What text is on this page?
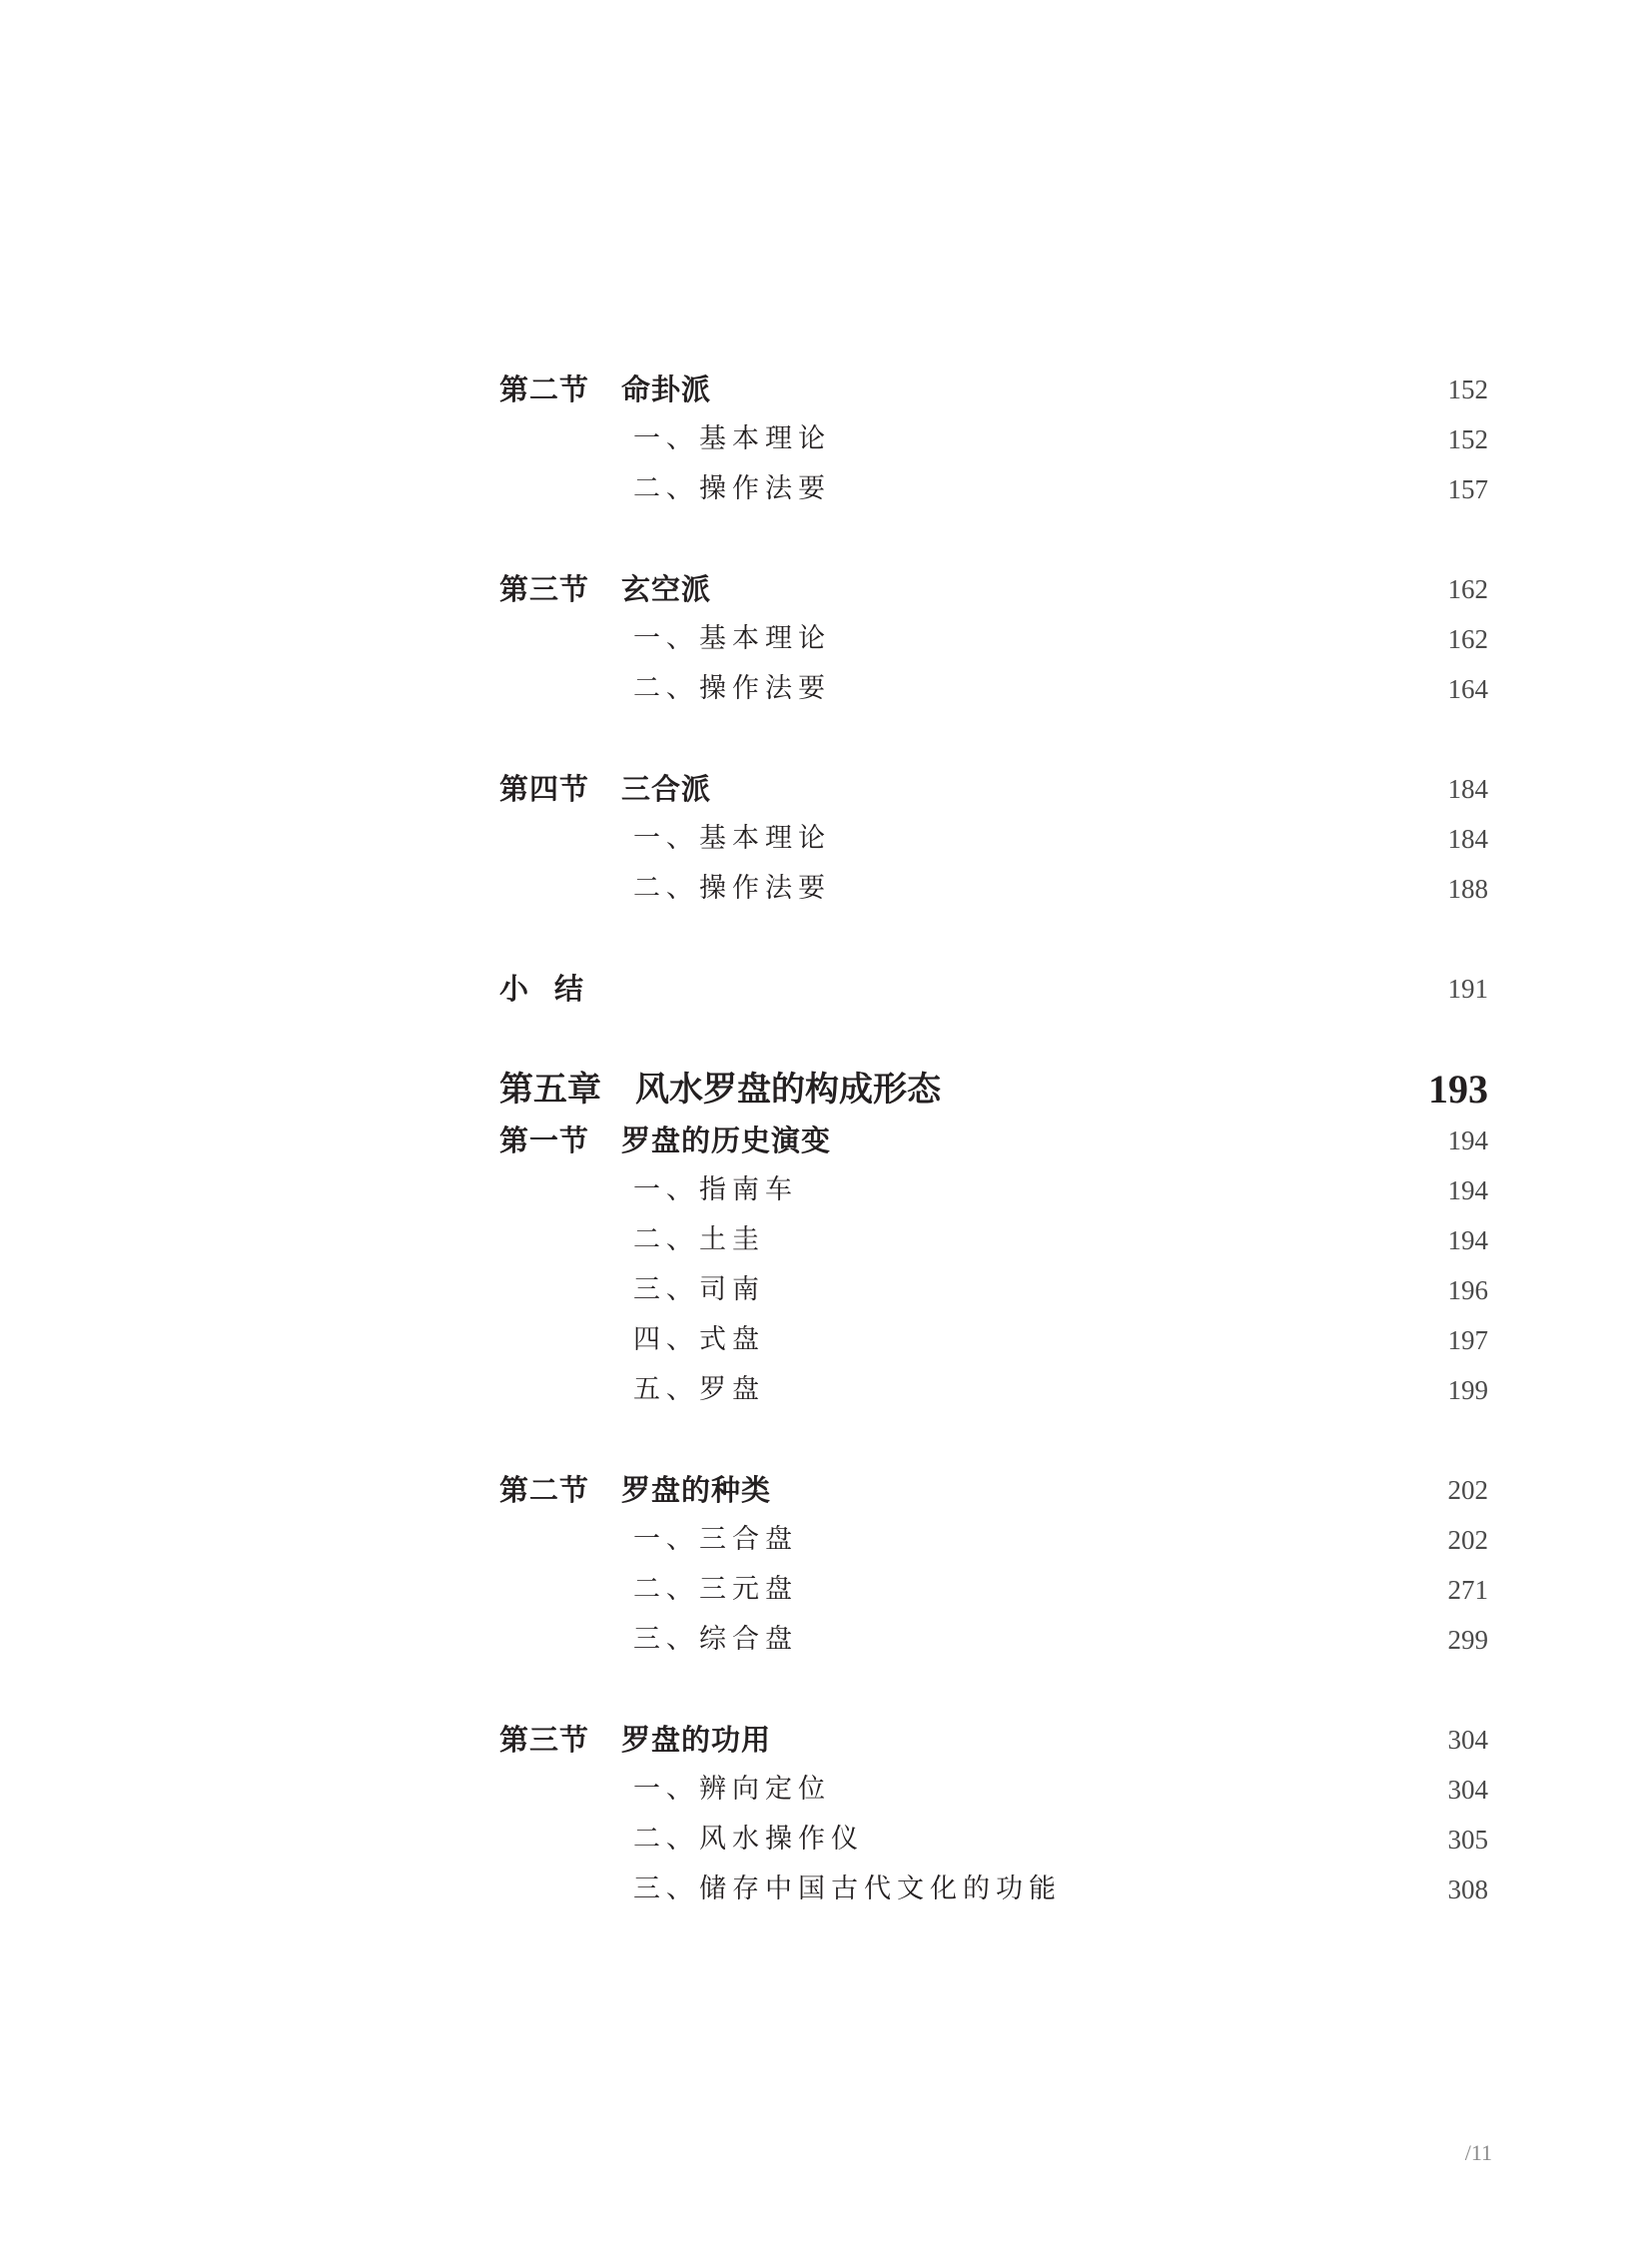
第二节 命卦派	152
一、基本理论	152
二、操作法要	157
第三节 玄空派	162
一、基本理论	162
二、操作法要	164
第四节 三合派	184
一、基本理论	184
二、操作法要	188
小结	191
第五章 风水罗盘的构成形态	193
第一节 罗盘的历史演变	194
一、指南车	194
二、土圭	194
三、司南	196
四、式盘	197
五、罗盘	199
第二节 罗盘的种类	202
一、三合盘	202
二、三元盘	271
三、综合盘	299
第三节 罗盘的功用	304
一、辨向定位	304
二、风水操作仪	305
三、储存中国古代文化的功能	308
/11
